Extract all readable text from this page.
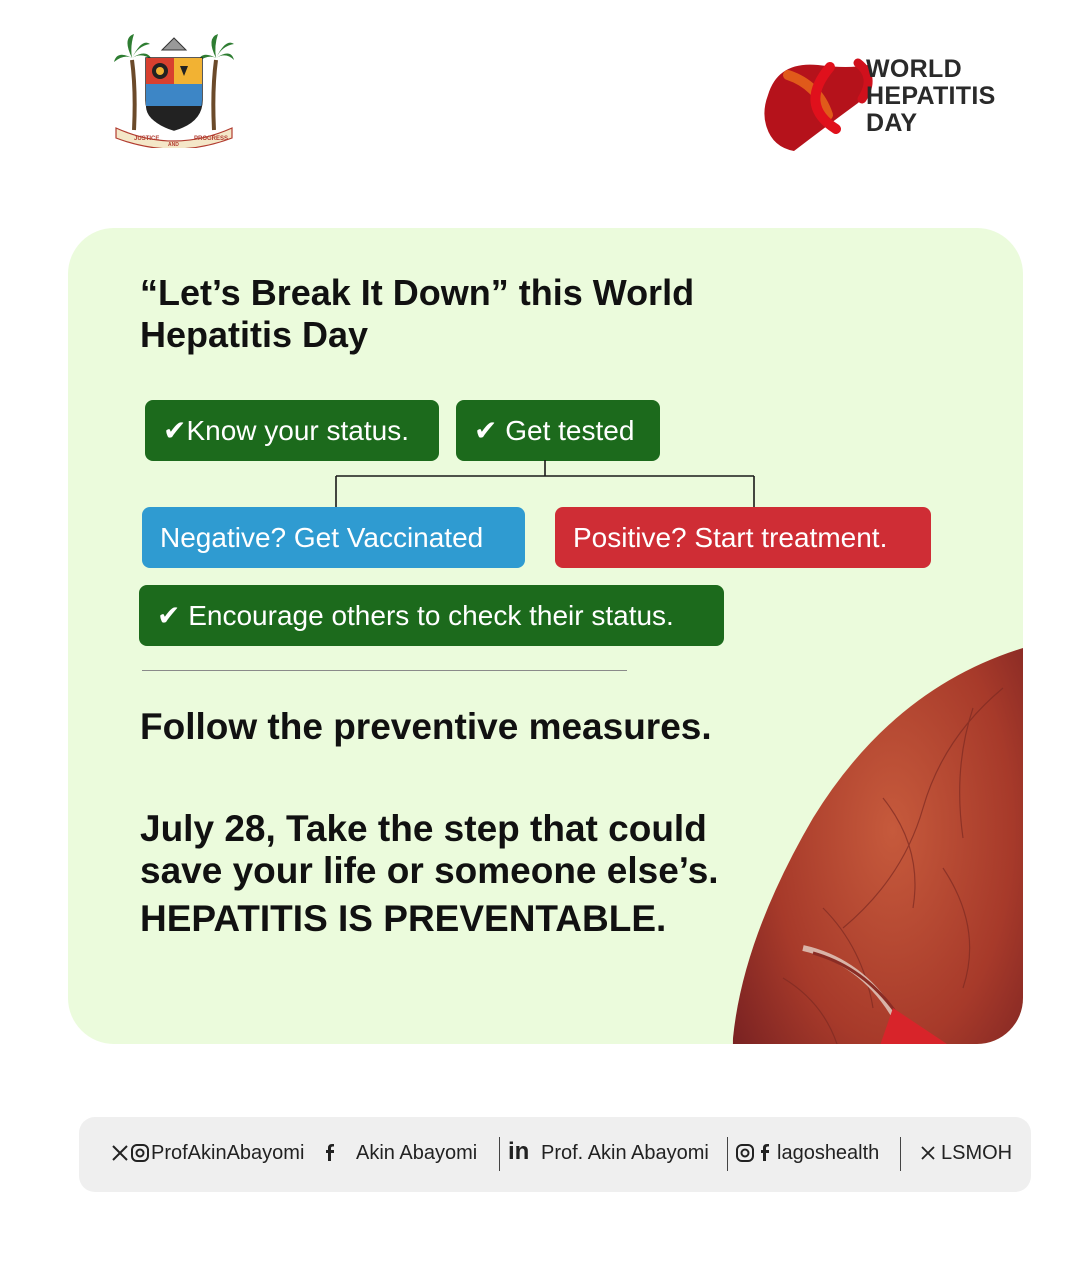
JUSTICE
AND
PROGRESS
WORLD
HEPATITIS
DAY
“Let’s Break It Down” this World Hepatitis Day
✔Know your status.	✔ Get tested
Negative? Get Vaccinated	Positive? Start treatment.
✔ Encourage others to check their status.
Follow the preventive measures.
July 28, Take the step that could save your life or someone else’s.
HEPATITIS IS PREVENTABLE.
ProfAkinAbayomi	Akin Abayomi in Prof. Akin Abayomi	lagoshealth	LSMOH
